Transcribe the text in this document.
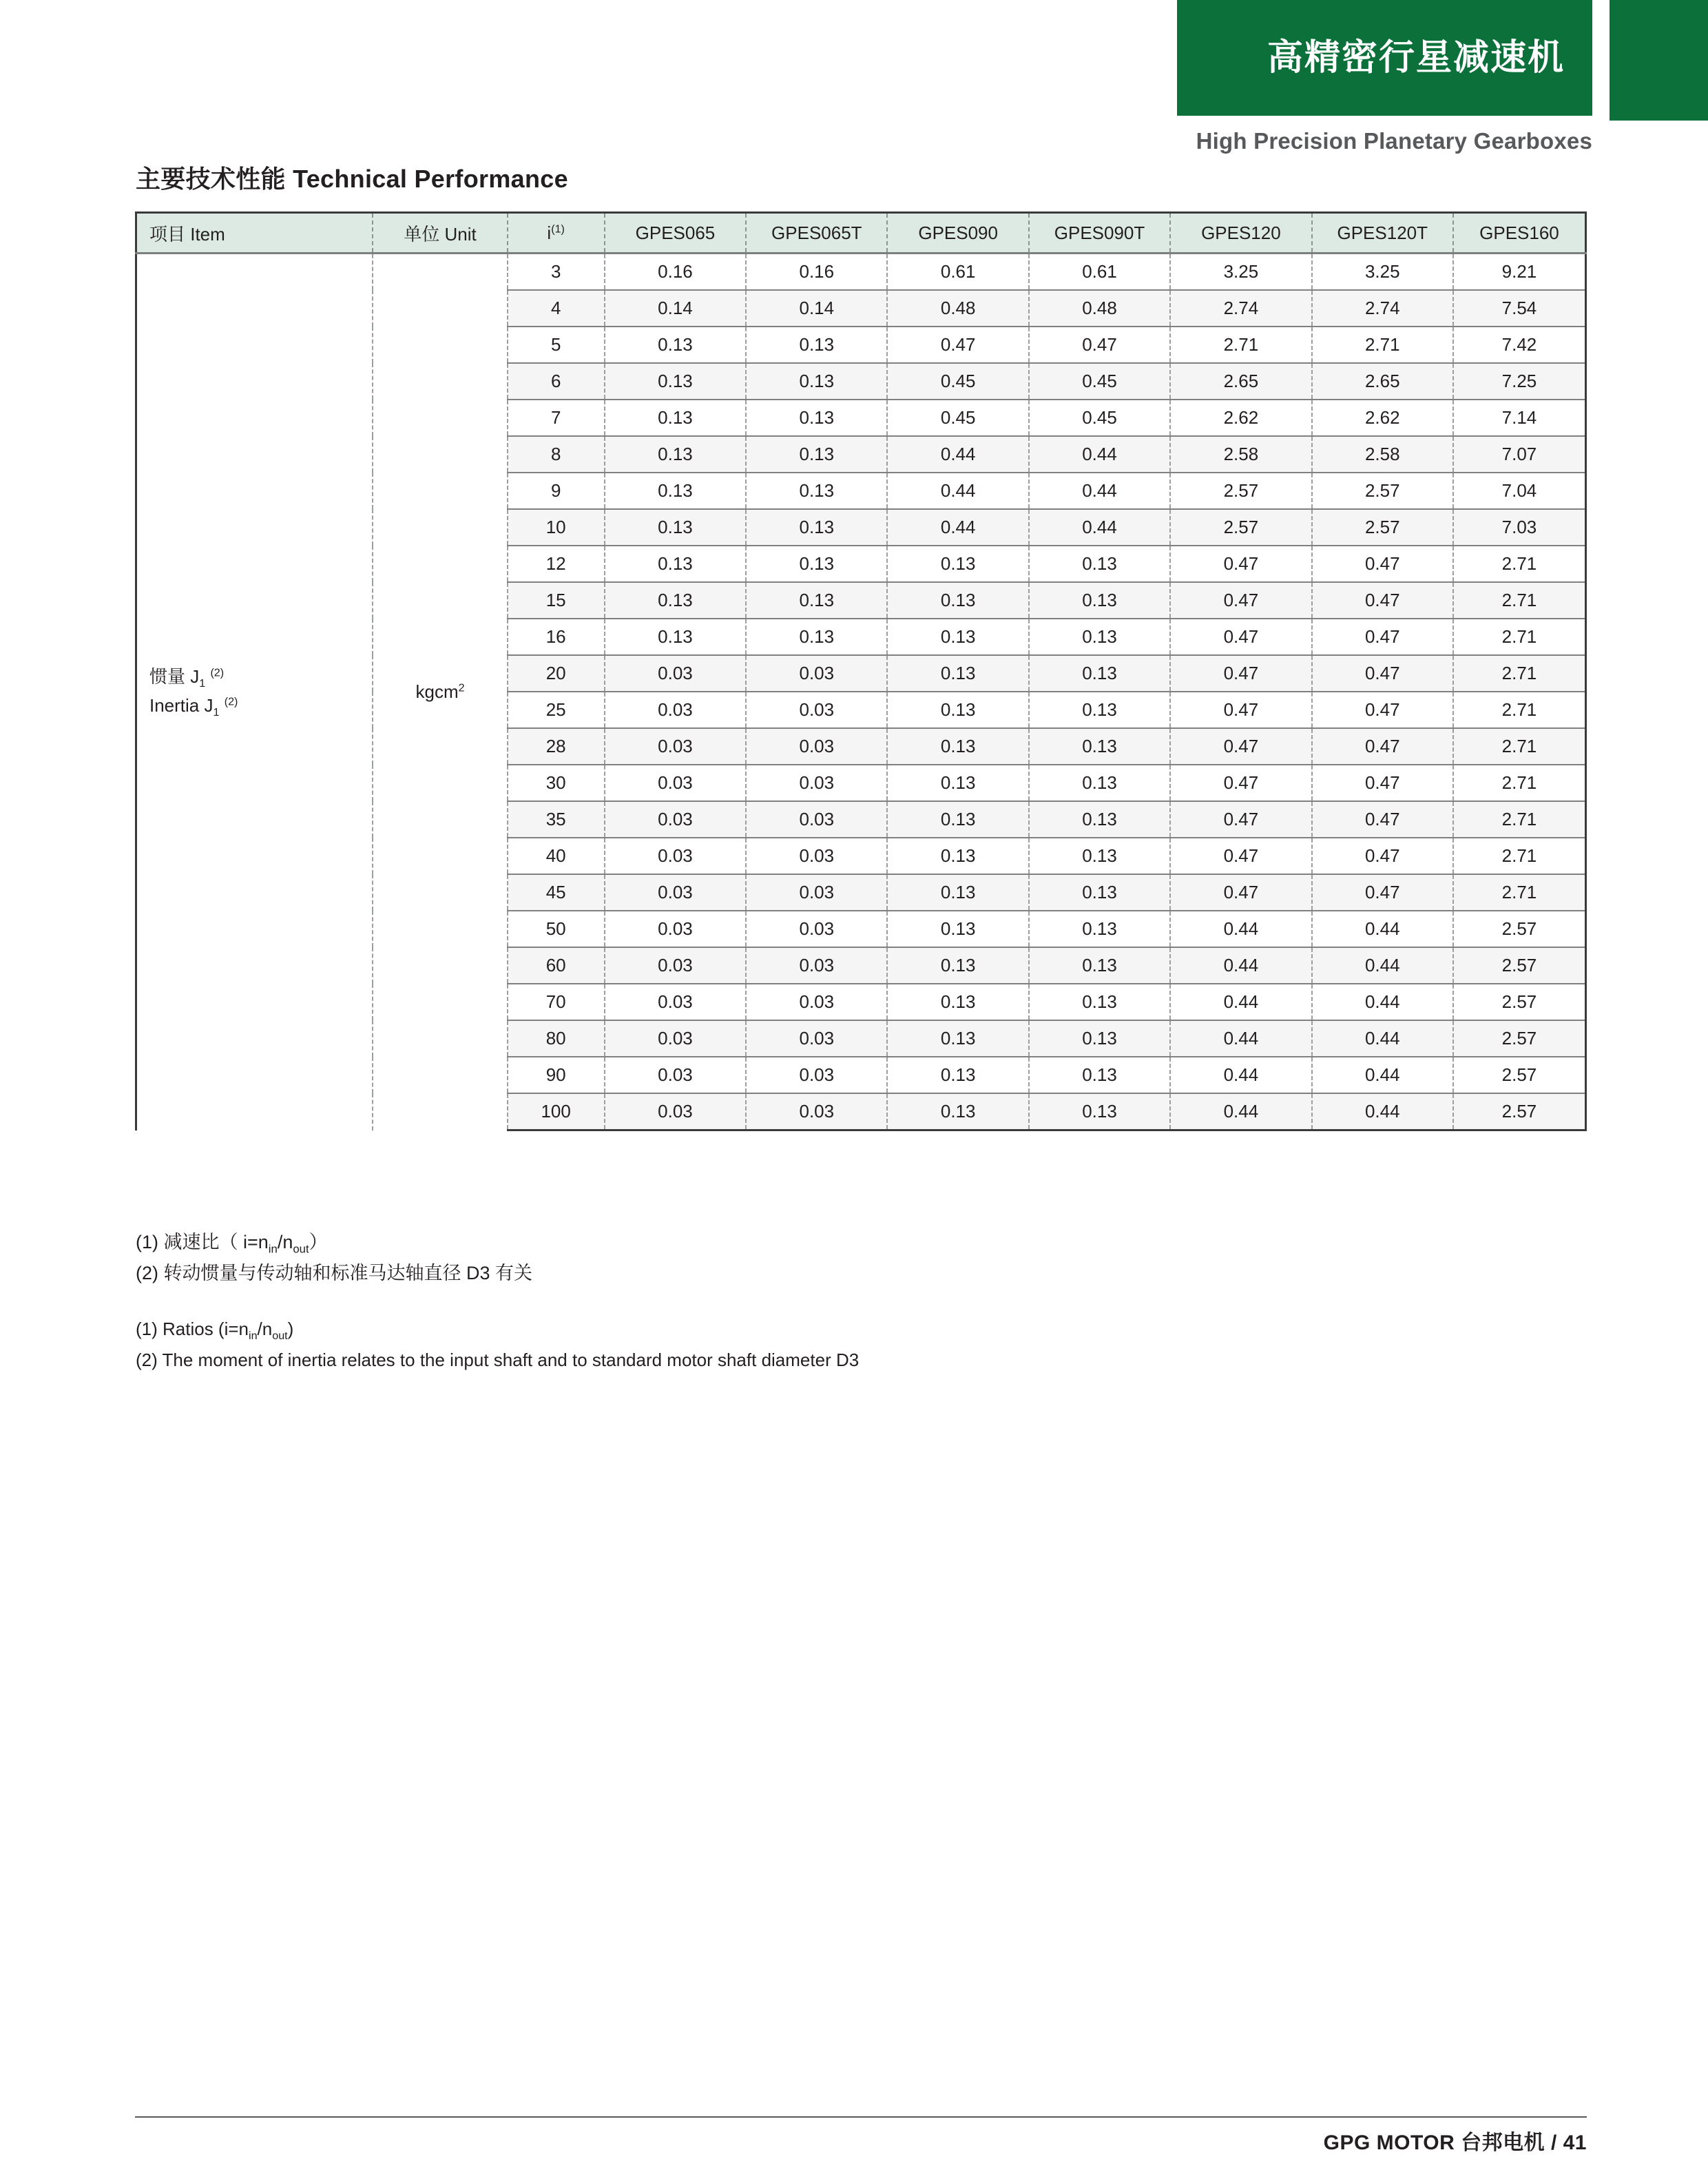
高精密行星减速机
High Precision Planetary Gearboxes
主要技术性能 Technical Performance
项目 Item	单位 Unit	i$^{(1)}$	GPES065	GPES065T	GPES090	GPES090T	GPES120	GPES120T	GPES160

惯量 $J_1$ $^{(2)}$
Inertia $J_1$ $^{(2)}$	kgcm$^2$	3	0.16	0.16	0.61	0.61	3.25	3.25	9.21
		4	0.14	0.14	0.48	0.48	2.74	2.74	7.54
		5	0.13	0.13	0.47	0.47	2.71	2.71	7.42
		6	0.13	0.13	0.45	0.45	2.65	2.65	7.25
		7	0.13	0.13	0.45	0.45	2.62	2.62	7.14
		8	0.13	0.13	0.44	0.44	2.58	2.58	7.07
		9	0.13	0.13	0.44	0.44	2.57	2.57	7.04
		10	0.13	0.13	0.44	0.44	2.57	2.57	7.03
		12	0.13	0.13	0.13	0.13	0.47	0.47	2.71
		15	0.13	0.13	0.13	0.13	0.47	0.47	2.71
		16	0.13	0.13	0.13	0.13	0.47	0.47	2.71
		20	0.03	0.03	0.13	0.13	0.47	0.47	2.71
		25	0.03	0.03	0.13	0.13	0.47	0.47	2.71
		28	0.03	0.03	0.13	0.13	0.47	0.47	2.71
		30	0.03	0.03	0.13	0.13	0.47	0.47	2.71
		35	0.03	0.03	0.13	0.13	0.47	0.47	2.71
		40	0.03	0.03	0.13	0.13	0.47	0.47	2.71
		45	0.03	0.03	0.13	0.13	0.47	0.47	2.71
		50	0.03	0.03	0.13	0.13	0.44	0.44	2.57
		60	0.03	0.03	0.13	0.13	0.44	0.44	2.57
		70	0.03	0.03	0.13	0.13	0.44	0.44	2.57
		80	0.03	0.03	0.13	0.13	0.44	0.44	2.57
		90	0.03	0.03	0.13	0.13	0.44	0.44	2.57
		100	0.03	0.03	0.13	0.13	0.44	0.44	2.57
(1) 减速比（ $i=n_{in}/n_{out}$）
(2) 转动惯量与传动轴和标准马达轴直径 D3 有关
(1) Ratios $(i=n_{in}/n_{out})$
(2) The moment of inertia relates to the input shaft and to standard motor shaft diameter D3
GPG MOTOR 台邦电机 / 41
